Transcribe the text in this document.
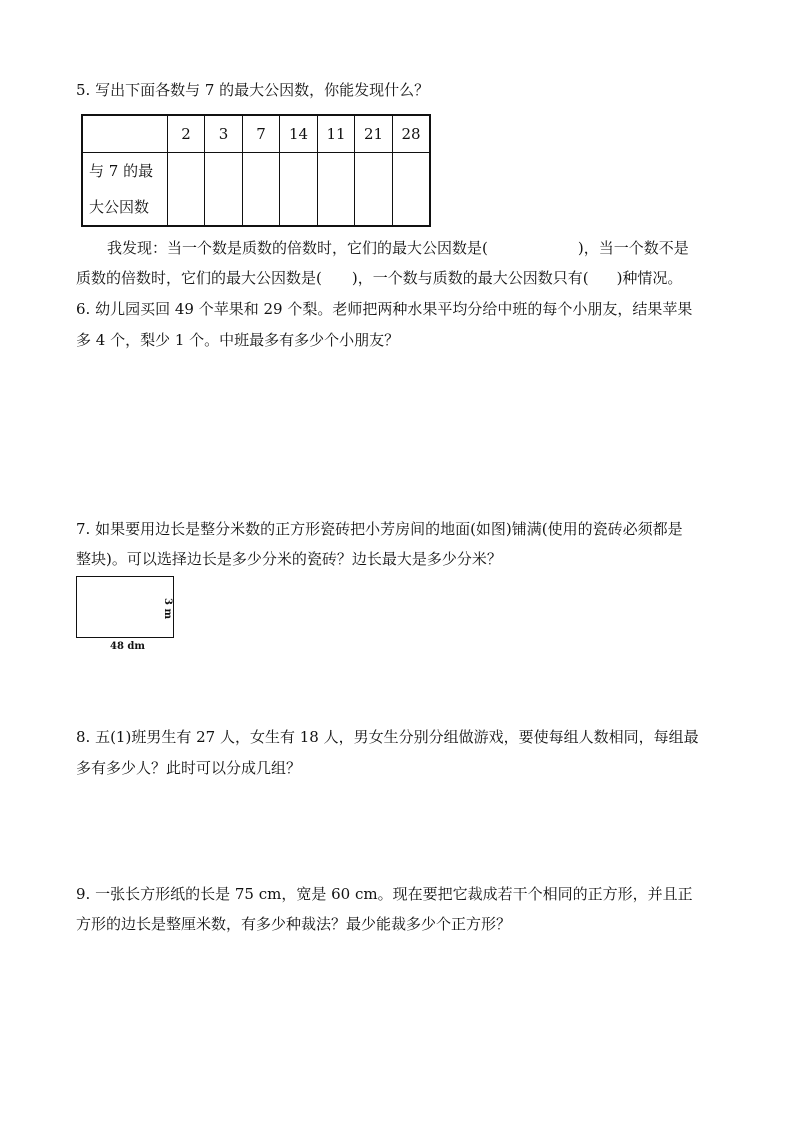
5. 写出下面各数与 7 的最大公因数，你能发现什么？
	2	3	7	14	11	21	28

与 7 的最
大公因数							

我发现：当一个数是质数的倍数时，它们的最大公因数是(	)，当一个数不是
质数的倍数时，它们的最大公因数是( )，一个数与质数的最大公因数只有( )种情况。
6. 幼儿园买回 49 个苹果和 29 个梨。老师把两种水果平均分给中班的每个小朋友，结果苹果
多 4 个，梨少 1 个。中班最多有多少个小朋友？
7. 如果要用边长是整分米数的正方形瓷砖把小芳房间的地面(如图)铺满(使用的瓷砖必须都是
整块)。可以选择边长是多少分米的瓷砖？边长最大是多少分米？
48 dm
3 m
8. 五(1)班男生有 27 人，女生有 18 人，男女生分别分组做游戏，要使每组人数相同，每组最
多有多少人？此时可以分成几组？
9. 一张长方形纸的长是 75 cm，宽是 60 cm。现在要把它裁成若干个相同的正方形，并且正
方形的边长是整厘米数，有多少种裁法？最少能裁多少个正方形？
